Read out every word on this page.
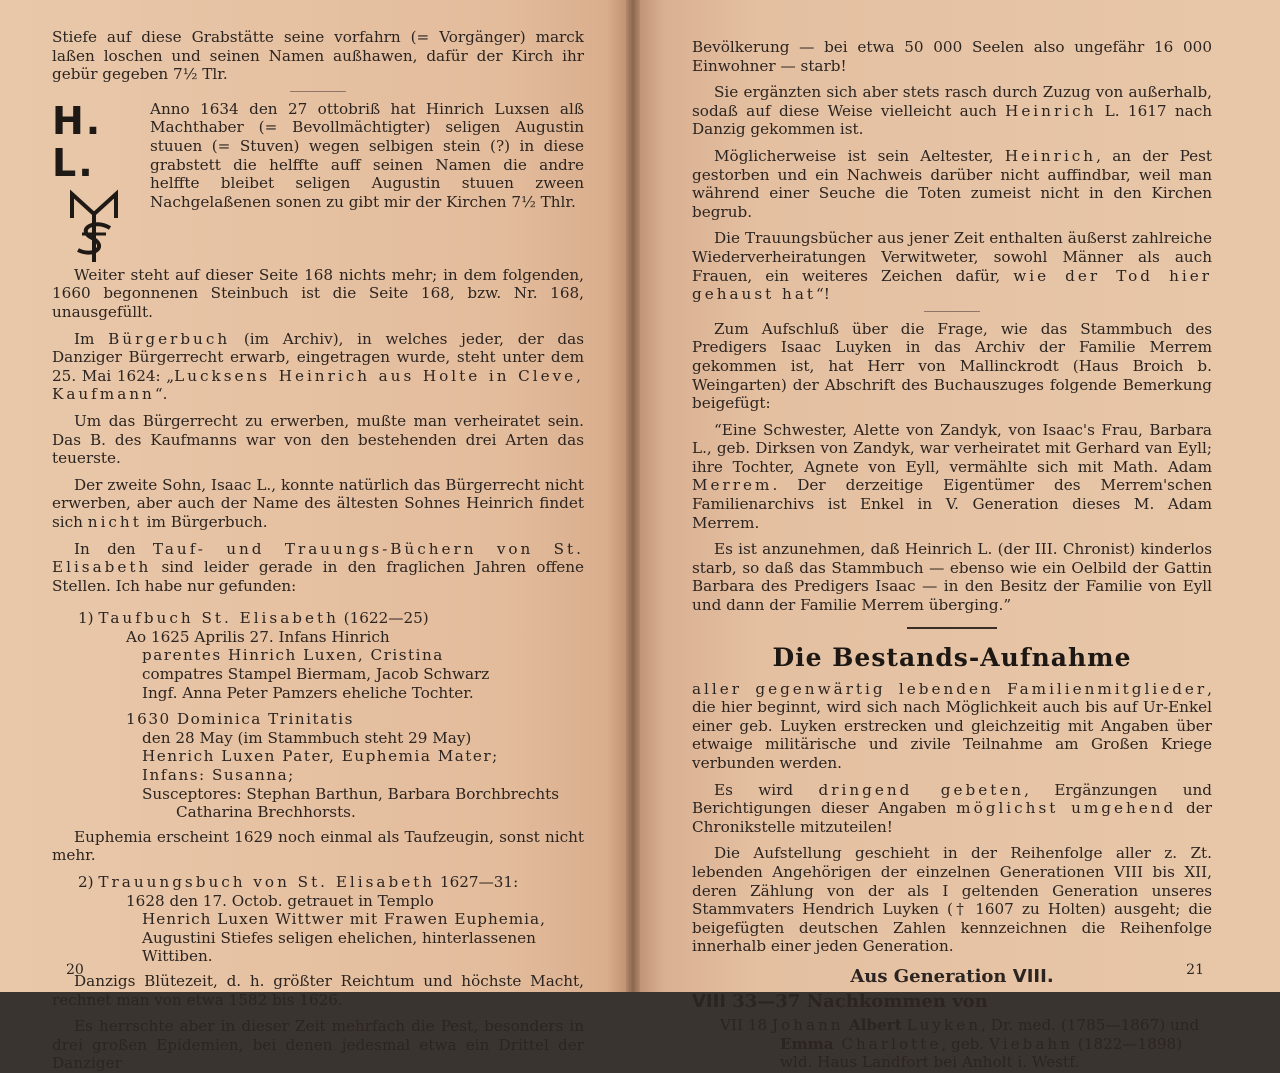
Stiefe auf diese Grabstätte seine vorfahrn (= Vorgänger) marck laßen loschen und seinen Namen außhawen, dafür der Kirch ihr gebür gegeben 7½ Tlr.

H. L.

Anno 1634 den 27 ottobriß hat Hinrich Luxsen alß Machthaber (= Bevollmächtigter) seligen Augustin stuuen (= Stuven) wegen selbigen stein (?) in diese grabstett die helffte auff seinen Namen die andre helffte bleibet seligen Augustin stuuen zween Nachgelaßenen sonen zu gibt mir der Kirchen 7½ Thlr.

Weiter steht auf dieser Seite 168 nichts mehr; in dem folgenden, 1660 begonnenen Steinbuch ist die Seite 168, bzw. Nr. 168, unausgefüllt.

Im Bürgerbuch (im Archiv), in welches jeder, der das Danziger Bürgerrecht erwarb, eingetragen wurde, steht unter dem 25. Mai 1624: „Lucksens Heinrich aus Holte in Cleve, Kaufmann“.

Um das Bürgerrecht zu erwerben, mußte man verheiratet sein. Das B. des Kaufmanns war von den bestehenden drei Arten das teuerste.

Der zweite Sohn, Isaac L., konnte natürlich das Bürgerrecht nicht erwerben, aber auch der Name des ältesten Sohnes Heinrich findet sich nicht im Bürgerbuch.

In den Tauf- und Trauungs-Büchern von St. Elisabeth sind leider gerade in den fraglichen Jahren offene Stellen. Ich habe nur gefunden:

1) Taufbuch St. Elisabeth (1622—25)

Ao 1625 Aprilis 27. Infans Hinrich

parentes Hinrich Luxen, Cristina

compatres Stampel Biermam, Jacob Schwarz

Ingf. Anna Peter Pamzers eheliche Tochter.

1630 Dominica Trinitatis

den 28 May (im Stammbuch steht 29 May)

Henrich Luxen Pater, Euphemia Mater;

Infans: Susanna;

Susceptores: Stephan Barthun, Barbara Borchbrechts

Catharina Brechhorsts.

Euphemia erscheint 1629 noch einmal als Taufzeugin, sonst nicht mehr.

2) Trauungsbuch von St. Elisabeth 1627—31:

1628 den 17. Octob. getrauet in Templo

Henrich Luxen Wittwer mit Frawen Euphemia,

Augustini Stiefes seligen ehelichen, hinterlassenen

Wittiben.

Danzigs Blütezeit, d. h. größter Reichtum und höchste Macht, rechnet man von etwa 1582 bis 1626.

Es herrschte aber in dieser Zeit mehrfach die Pest, besonders in drei großen Epidemien, bei denen jedesmal etwa ein Drittel der Danziger

20

Bevölkerung — bei etwa 50 000 Seelen also ungefähr 16 000 Einwohner — starb!

Sie ergänzten sich aber stets rasch durch Zuzug von außerhalb, sodaß auf diese Weise vielleicht auch Heinrich L. 1617 nach Danzig gekommen ist.

Möglicherweise ist sein Aeltester, Heinrich, an der Pest gestorben und ein Nachweis darüber nicht auffindbar, weil man während einer Seuche die Toten zumeist nicht in den Kirchen begrub.

Die Trauungsbücher aus jener Zeit enthalten äußerst zahlreiche Wiederverheiratungen Verwitweter, sowohl Männer als auch Frauen, ein weiteres Zeichen dafür, wie der Tod hier gehaust hat“!

Zum Aufschluß über die Frage, wie das Stammbuch des Predigers Isaac Luyken in das Archiv der Familie Merrem gekommen ist, hat Herr von Mallinckrodt (Haus Broich b. Weingarten) der Abschrift des Buchauszuges folgende Bemerkung beigefügt:

“Eine Schwester, Alette von Zandyk, von Isaac's Frau, Barbara L., geb. Dirksen von Zandyk, war verheiratet mit Gerhard van Eyll; ihre Tochter, Agnete von Eyll, vermählte sich mit Math. Adam Merrem. Der derzeitige Eigentümer des Merrem'schen Familienarchivs ist Enkel in V. Generation dieses M. Adam Merrem.

Es ist anzunehmen, daß Heinrich L. (der III. Chronist) kinderlos starb, so daß das Stammbuch — ebenso wie ein Oelbild der Gattin Barbara des Predigers Isaac — in den Besitz der Familie von Eyll und dann der Familie Merrem überging.”

Die Bestands-Aufnahme

aller gegenwärtig lebenden Familienmitglieder, die hier beginnt, wird sich nach Möglichkeit auch bis auf Ur-Enkel einer geb. Luyken erstrecken und gleichzeitig mit Angaben über etwaige militärische und zivile Teilnahme am Großen Kriege verbunden werden.

Es wird dringend gebeten, Ergänzungen und Berichtigungen dieser Angaben möglichst umgehend der Chronikstelle mitzuteilen!

Die Aufstellung geschieht in der Reihenfolge aller z. Zt. lebenden Angehörigen der einzelnen Generationen VIII bis XII, deren Zählung von der als I geltenden Generation unseres Stammvaters Hendrich Luyken († 1607 zu Holten) ausgeht; die beigefügten deutschen Zahlen kennzeichnen die Reihenfolge innerhalb einer jeden Generation.

Aus Generation VIII.
VIII 33—37 Nachkommen von

VII 18 Johann Albert Luyken, Dr. med. (1785—1867) und

Emma Charlotte, geb. Viebahn (1822—1898)

wld. Haus Landfort bei Anholt i. Westf.

21
